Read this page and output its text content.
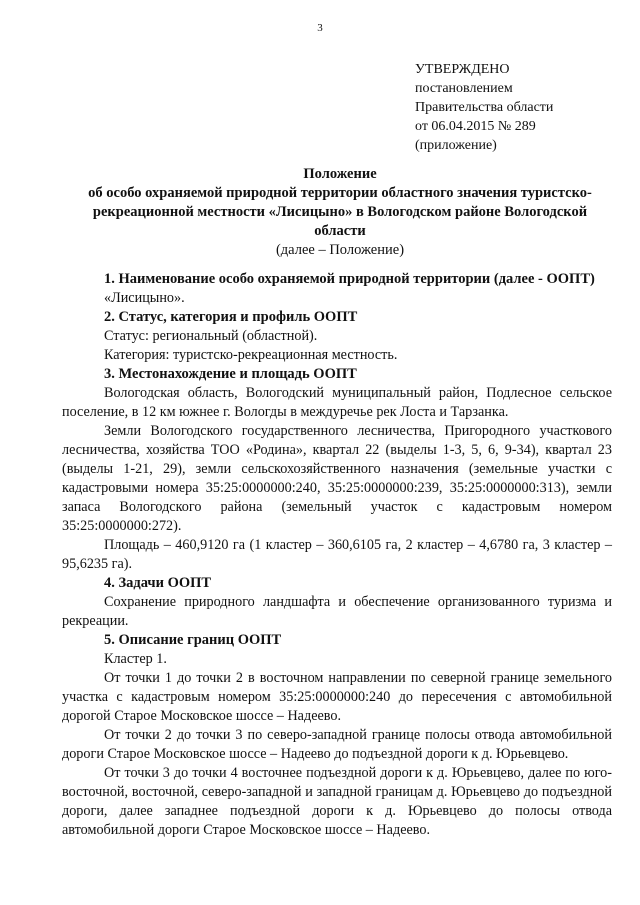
3
УТВЕРЖДЕНО
постановлением
Правительства области
от 06.04.2015 № 289
(приложение)
Положение
об особо охраняемой природной территории областного значения туристско-
рекреационной местности «Лисицыно» в Вологодском районе Вологодской
области
(далее – Положение)
1. Наименование особо охраняемой природной территории (далее - ООПТ)

«Лисицыно».

2. Статус, категория и профиль ООПТ

Статус: региональный (областной).

Категория: туристско-рекреационная местность.

3. Местонахождение и площадь ООПТ

Вологодская область, Вологодский муниципальный район, Подлесное сельское поселение, в 12 км южнее г. Вологды в междуречье рек Лоста и Тарзанка.

Земли Вологодского государственного лесничества, Пригородного участкового лесничества, хозяйства ТОО «Родина», квартал 22 (выделы 1-3, 5, 6, 9-34), квартал 23 (выделы 1-21, 29), земли сельскохозяйственного назначения (земельные участки с кадастровыми номера 35:25:0000000:240, 35:25:0000000:239, 35:25:0000000:313), земли запаса Вологодского района (земельный участок с кадастровым номером 35:25:0000000:272).

Площадь – 460,9120 га (1 кластер – 360,6105 га, 2 кластер – 4,6780 га, 3 кластер – 95,6235 га).

4. Задачи ООПТ

Сохранение природного ландшафта и обеспечение организованного туризма и рекреации.

5. Описание границ ООПТ

Кластер 1.

От точки 1 до точки 2 в восточном направлении по северной границе земельного участка с кадастровым номером 35:25:0000000:240 до пересечения с автомобильной дорогой Старое Московское шоссе – Надеево.

От точки 2 до точки 3 по северо-западной границе полосы отвода автомобильной дороги Старое Московское шоссе – Надеево до подъездной дороги к д. Юрьевцево.

От точки 3 до точки 4 восточнее подъездной дороги к д. Юрьевцево, далее по юго-восточной, восточной, северо-западной и западной границам д. Юрьевцево до подъездной дороги, далее западнее подъездной дороги к д. Юрьевцево до полосы отвода автомобильной дороги Старое Московское шоссе – Надеево.
